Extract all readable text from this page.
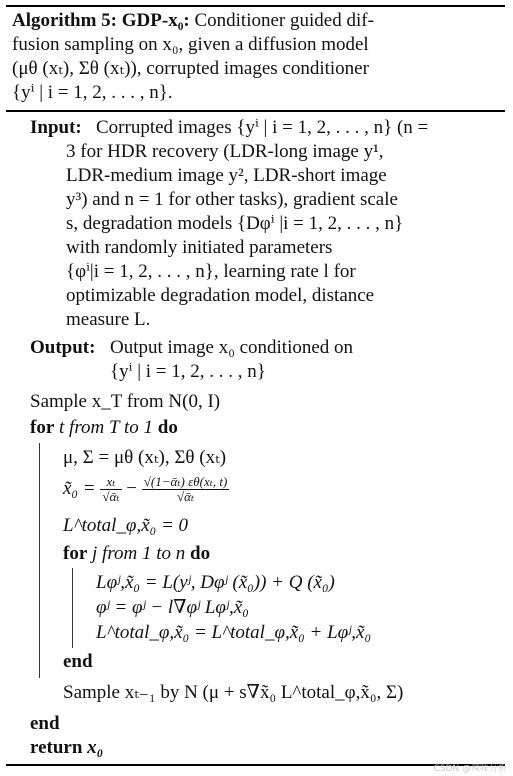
Algorithm 5: GDP-x₀: Conditioner guided dif-
fusion sampling on x₀, given a diffusion model
(μθ (xₜ), Σθ (xₜ)), corrupted images conditioner
{yⁱ | i = 1, 2, . . . , n}.
Input: Corrupted images {yⁱ | i = 1, 2, . . . , n} (n =
3 for HDR recovery (LDR-long image y¹,
LDR-medium image y², LDR-short image
y³) and n = 1 for other tasks), gradient scale
s, degradation models {Dφⁱ |i = 1, 2, . . . , n}
with randomly initiated parameters
{φⁱ|i = 1, 2, . . . , n}, learning rate l for
optimizable degradation model, distance
measure L.
Output: Output image x₀ conditioned on
{yⁱ | i = 1, 2, . . . , n}
Sample x_T from N(0, I)
for t from T to 1 do
μ, Σ = μθ (xₜ), Σθ (xₜ)
x̃₀ = $\frac{\text{xₜ}}{\text{√ᾱₜ}} - \frac{\text{√(1−ᾱₜ) εθ(xₜ, t)}}{\text{√ᾱₜ}}$
L^total_φ,x̃₀ = 0
for j from 1 to n do
Lφʲ,x̃₀ = L(yʲ, Dφʲ (x̃₀)) + Q (x̃₀)
φʲ = φʲ − l∇φʲ Lφʲ,x̃₀
L^total_φ,x̃₀ = L^total_φ,x̃₀ + Lφʲ,x̃₀
end
Sample xₜ₋₁ by N (μ + s∇x̃₀ L^total_φ,x̃₀, Σ)
end
return x₀
CSDN @辣味分析
